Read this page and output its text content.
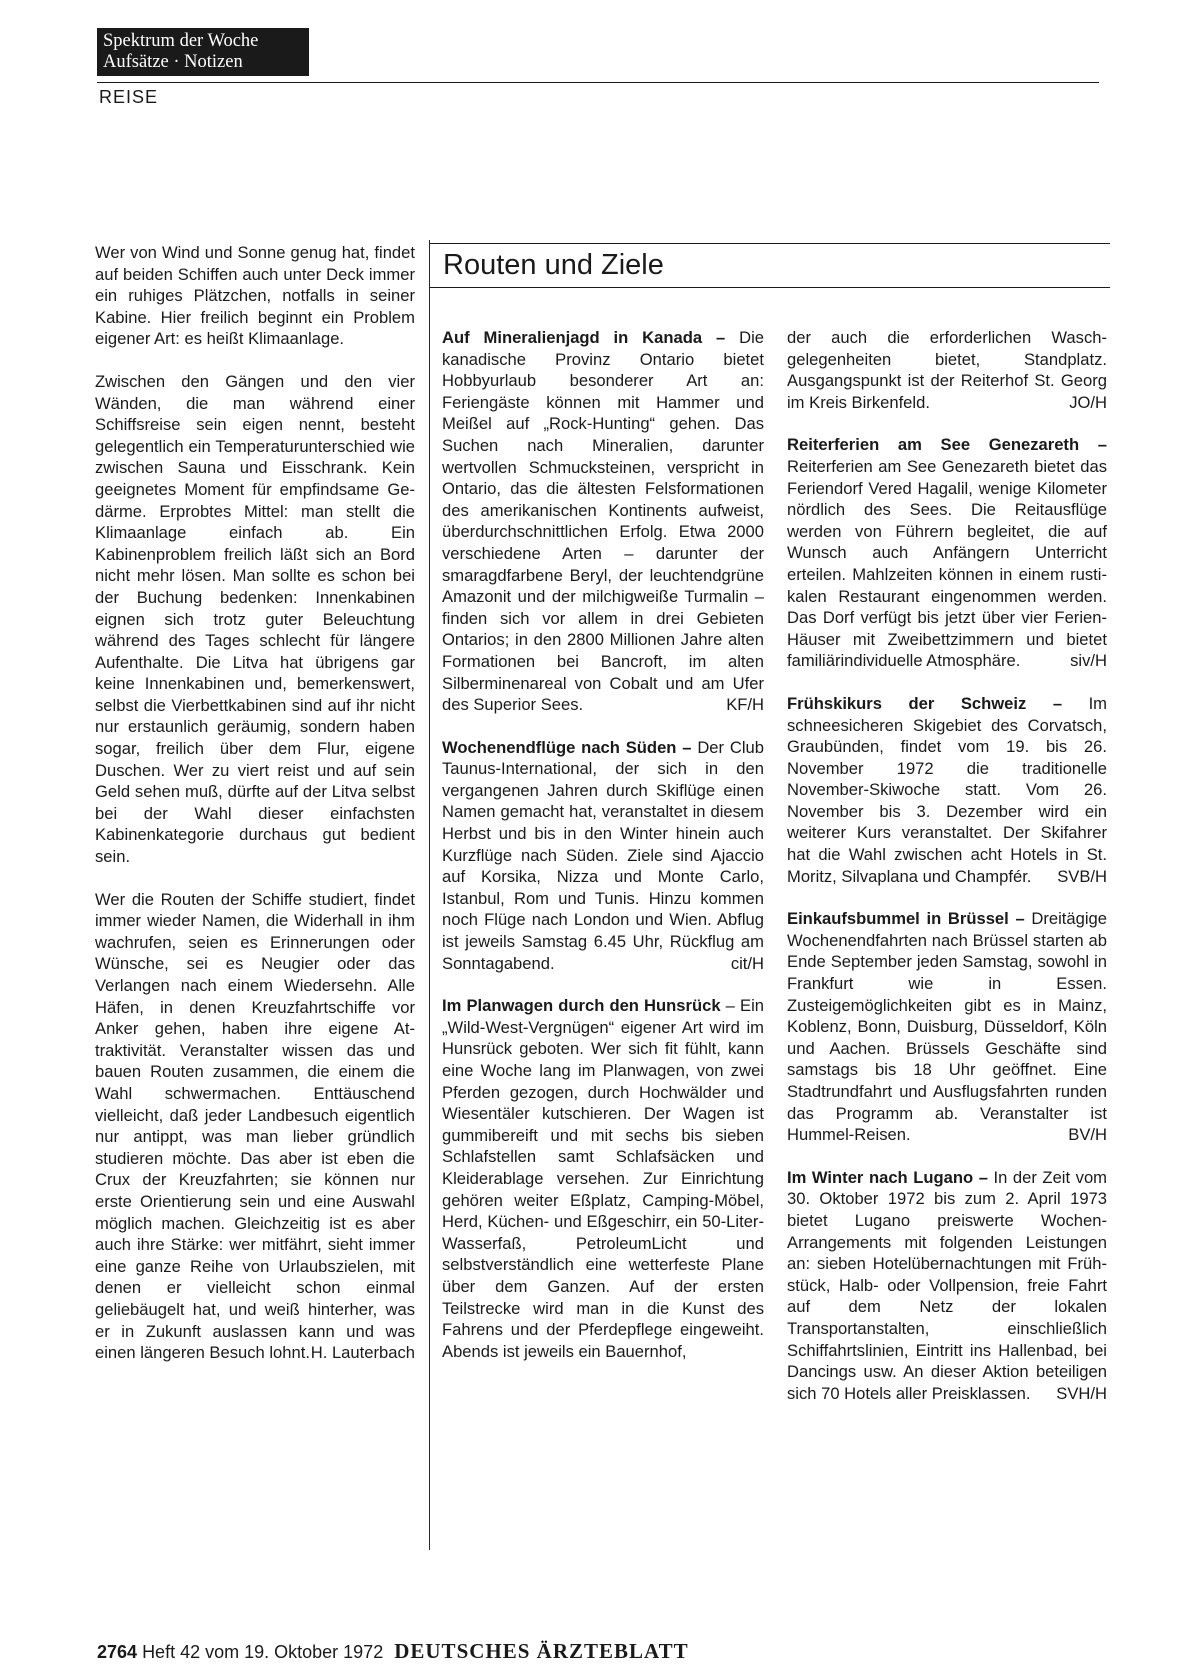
Spektrum der Woche
Aufsätze · Notizen
REISE

Wer von Wind und Sonne genug hat, findet auf beiden Schiffen auch unter Deck immer ein ruhiges Plätzchen, notfalls in seiner Kabine. Hier freilich beginnt ein Problem eigener Art: es heißt Klimaanlage.

Zwischen den Gängen und den vier Wänden, die man während einer Schiffsreise sein eigen nennt, besteht gelegentlich ein Temperaturunterschied wie zwischen Sauna und Eisschrank. Kein geeignetes Moment für empfindsame Gedärme. Erprobtes Mittel: man stellt die Klimaanlage einfach ab. Ein Kabinenproblem freilich läßt sich an Bord nicht mehr lösen. Man sollte es schon bei der Buchung bedenken: Innenkabinen eignen sich trotz guter Beleuchtung während des Tages schlecht für längere Aufenthalte. Die Litva hat übrigens gar keine Innenkabinen und, bemerkenswert, selbst die Vierbettkabinen sind auf ihr nicht nur erstaunlich geräumig, sondern haben sogar, freilich über dem Flur, eigene Duschen. Wer zu viert reist und auf sein Geld sehen muß, dürfte auf der Litva selbst bei der Wahl dieser einfachsten Kabinenkategorie durchaus gut bedient sein.

Wer die Routen der Schiffe studiert, findet immer wieder Namen, die Widerhall in ihm wachrufen, seien es Erinnerungen oder Wünsche, sei es Neugier oder das Verlangen nach einem Wiedersehn. Alle Häfen, in denen Kreuzfahrtschiffe vor Anker gehen, haben ihre eigene Attraktivität. Veranstalter wissen das und bauen Routen zusammen, die einem die Wahl schwermachen. Enttäuschend vielleicht, daß jeder Landbesuch eigentlich nur antippt, was man lieber gründlich studieren möchte. Das aber ist eben die Crux der Kreuzfahrten; sie können nur erste Orientierung sein und eine Auswahl möglich machen. Gleichzeitig ist es aber auch ihre Stärke: wer mitfährt, sieht immer eine ganze Reihe von Urlaubszielen, mit denen er vielleicht schon einmal geliebäugelt hat, und weiß hinterher, was er in Zukunft auslassen kann und was einen längeren Besuch lohnt. H. Lauterbach

Routen und Ziele

Auf Mineralienjagd in Kanada – Die kanadische Provinz Ontario bietet Hobbyurlaub besonderer Art an: Feriengäste können mit Hammer und Meißel auf „Rock-Hunting“ gehen. Das Suchen nach Mineralien, darunter wertvollen Schmucksteinen, verspricht in Ontario, das die ältesten Felsformationen des amerikanischen Kontinents aufweist, überdurchschnittlichen Erfolg. Etwa 2000 verschiedene Arten – darunter der smaragdfarbene Beryl, der leuchtendgrüne Amazonit und der milchigweiße Turmalin – finden sich vor allem in drei Gebieten Ontarios; in den 2800 Millionen Jahre alten Formationen bei Bancroft, im alten Silberminenareal von Cobalt und am Ufer des Superior Sees.	KF/H

Wochenendflüge nach Süden – Der Club Taunus-International, der sich in den vergangenen Jahren durch Skiflüge einen Namen gemacht hat, veranstaltet in diesem Herbst und bis in den Winter hinein auch Kurzflüge nach Süden. Ziele sind Ajaccio auf Korsika, Nizza und Monte Carlo, Istanbul, Rom und Tunis. Hinzu kommen noch Flüge nach London und Wien. Abflug ist jeweils Samstag 6.45 Uhr, Rückflug am Sonntagabend.	cit/H

Im Planwagen durch den Hunsrück – Ein „Wild-West-Vergnügen“ eigener Art wird im Hunsrück geboten. Wer sich fit fühlt, kann eine Woche lang im Planwagen, von zwei Pferden gezogen, durch Hochwälder und Wiesentäler kutschieren. Der Wagen ist gummibereift und mit sechs bis sieben Schlafstellen samt Schlafsäcken und Kleiderablage versehen. Zur Einrichtung gehören weiter Eßplatz, Camping-Möbel, Herd, Küchen- und Eßgeschirr, ein 50-Liter-Wasserfaß, PetroleumLicht und selbstverständlich eine wetterfeste Plane über dem Ganzen. Auf der ersten Teilstrecke wird man in die Kunst des Fahrens und der Pferdepflege eingeweiht. Abends ist jeweils ein Bauernhof,

der auch die erforderlichen Waschgelegenheiten bietet, Standplatz. Ausgangspunkt ist der Reiterhof St. Georg im Kreis Birkenfeld.	JO/H

Reiterferien am See Genezareth – Reiterferien am See Genezareth bietet das Feriendorf Vered Hagalil, wenige Kilometer nördlich des Sees. Die Reitausflüge werden von Führern begleitet, die auf Wunsch auch Anfängern Unterricht erteilen. Mahlzeiten können in einem rustikalen Restaurant eingenommen werden. Das Dorf verfügt bis jetzt über vier Ferien-Häuser mit Zweibettzimmern und bietet familiärindividuelle Atmosphäre.	siv/H

Frühskikurs der Schweiz – Im schneesicheren Skigebiet des Corvatsch, Graubünden, findet vom 19. bis 26. November 1972 die traditionelle November-Skiwoche statt. Vom 26. November bis 3. Dezember wird ein weiterer Kurs veranstaltet. Der Skifahrer hat die Wahl zwischen acht Hotels in St. Moritz, Silvaplana und Champfér. SVB/H

Einkaufsbummel in Brüssel – Dreitägige Wochenendfahrten nach Brüssel starten ab Ende September jeden Samstag, sowohl in Frankfurt wie in Essen. Zusteigemöglichkeiten gibt es in Mainz, Koblenz, Bonn, Duisburg, Düsseldorf, Köln und Aachen. Brüssels Geschäfte sind samstags bis 18 Uhr geöffnet. Eine Stadtrundfahrt und Ausflugsfahrten runden das Programm ab. Veranstalter ist Hummel-Reisen.	BV/H

Im Winter nach Lugano – In der Zeit vom 30. Oktober 1972 bis zum 2. April 1973 bietet Lugano preiswerte Wochen-Arrangements mit folgenden Leistungen an: sieben Hotelübernachtungen mit Frühstück, Halb- oder Vollpension, freie Fahrt auf dem Netz der lokalen Transportanstalten, einschließlich Schiffahrtslinien, Eintritt ins Hallenbad, bei Dancings usw. An dieser Aktion beteiligen sich 70 Hotels aller Preisklassen. SVH/H

2764 Heft 42 vom 19. Oktober 1972 DEUTSCHES ÄRZTEBLATT
